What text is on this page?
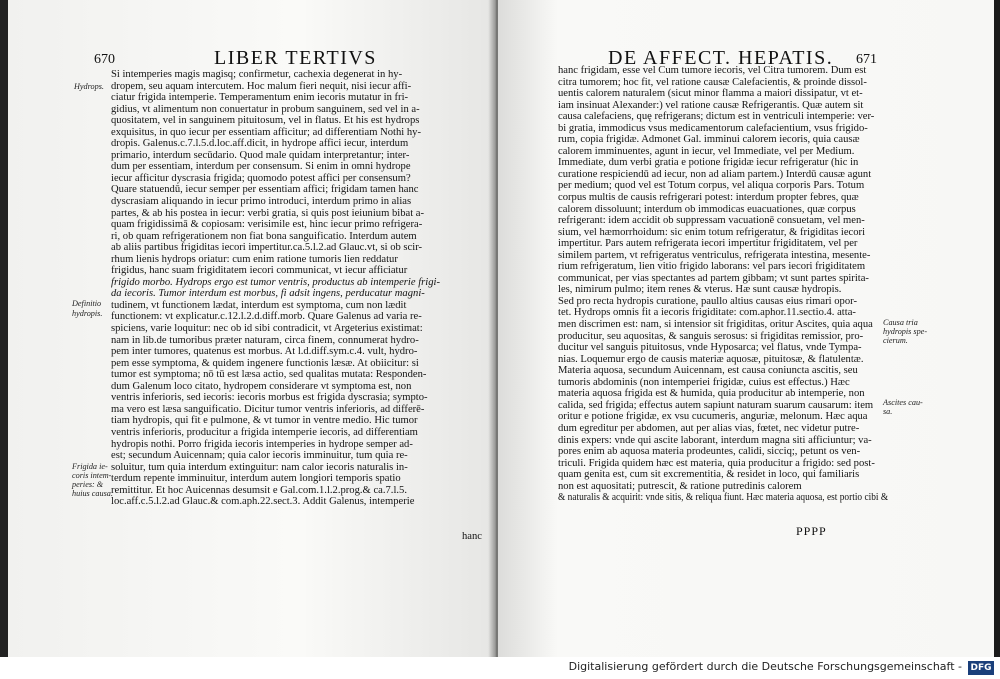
670	LIBER TERTIVS
Hydrops.
Definitio
hydropis.
Frigida ie-
coris intem-
peries: &
huius causa.
Si intemperies magis magisq; confirmetur, cachexia degenerat in hy-
dropem, seu aquam intercutem. Hoc malum fieri nequit, nisi iecur affi-
ciatur frigida intemperie. Temperamentum enim iecoris mutatur in fri-
gidius, vt alimentum non conuertatur in probum sanguinem, sed vel in a-
quositatem, vel in sanguinem pituitosum, vel in flatus. Et his est hydrops
exquisitus, in quo iecur per essentiam afficitur; ad differentiam Nothi hy-
dropis. Galenus.c.7.l.5.d.loc.aff.dicit, in hydrope affici iecur, interdum
primario, interdum secūdario. Quod male quidam interpretantur; inter-
dum per essentiam, interdum per consensum. Si enim in omni hydrope
iecur afficitur dyscrasia frigida; quomodo potest affici per consensum?
Quare statuendū, iecur semper per essentiam affici; frigidam tamen hanc
dyscrasiam aliquando in iecur primo introduci, interdum primo in alias
partes, & ab his postea in iecur: verbi gratia, si quis post ieiunium bibat a-
quam frigidissimā & copiosam: verisimile est, hinc iecur primo refrigera-
ri, ob quam refrigerationem non fiat bona sanguificatio. Interdum autem
ab aliis partibus frigiditas iecori impertitur.ca.5.l.2.ad Glauc.vt, si ob scir-
rhum lienis hydrops oriatur: cum enim ratione tumoris lien reddatur
frigidus, hanc suam frigiditatem iecori communicat, vt iecur afficiatur
frigido morbo. Hydrops ergo est tumor ventris, productus ab intemperie frigi-
da iecoris. Tumor interdum est morbus, fi adsit ingens, perducatur magni-
tudinem, vt functionem lædat, interdum est symptoma, cum non lædit
functionem: vt explicatur.c.12.l.2.d.diff.morb. Quare Galenus ad varia re-
spiciens, varie loquitur: nec ob id sibi contradicit, vt Argeterius existimat:
nam in lib.de tumoribus præter naturam, circa finem, connumerat hydro-
pem inter tumores, quatenus est morbus. At l.d.diff.sym.c.4. vult, hydro-
pem esse symptoma, & quidem ingenere functionis læsæ. At obiicitur: si
tumor est symptoma; nō tū est læsa actio, sed qualitas mutata: Responden-
dum Galenum loco citato, hydropem considerare vt symptoma est, non
ventris inferioris, sed iecoris: iecoris morbus est frigida dyscrasia; sympto-
ma vero est læsa sanguificatio. Dicitur tumor ventris inferioris, ad differē-
tiam hydropis, qui fit e pulmone, & vt tumor in ventre medio. Hic tumor
ventris inferioris, producitur a frigida intemperie iecoris, ad differentiam
hydropis nothi. Porro frigida iecoris intemperies in hydrope semper ad-
est; secundum Auicennam; quia calor iecoris imminuitur, tum quia re-
soluitur, tum quia interdum extinguitur: nam calor iecoris naturalis in-
terdum repente imminuitur, interdum autem longiori temporis spatio
remittitur. Et hoc Auicennas desumsit e Gal.com.1.l.2.prog.& ca.7.l.5.
loc.aff.c.5.l.2.ad Glauc.& com.aph.22.sect.3. Addit Galenus, intemperie
hanc
DE AFFECT. HEPATIS. 671
Causa tria
hydropis spe-
cierum.
Ascites cau-
sa.
hanc frigidam, esse vel Cum tumore iecoris, vel Citra tumorem. Dum est
citra tumorem; hoc fit, vel ratione causæ Calefacientis, & proinde dissol-
uentis calorem naturalem (sicut minor flamma a maiori dissipatur, vt et-
iam insinuat Alexander:) vel ratione causæ Refrigerantis. Quæ autem sit
causa calefaciens, quę refrigerans; dictum est in ventriculi intemperie: ver-
bi gratia, immodicus vsus medicamentorum calefacientium, vsus frigido-
rum, copia frigidæ. Admonet Gal. imminui calorem iecoris, quia causæ
calorem imminuentes, agunt in iecur, vel Immediate, vel per Medium.
Immediate, dum verbi gratia e potione frigidæ iecur refrigeratur (hic in
curatione respiciendū ad iecur, non ad aliam partem.) Interdū causæ agunt
per medium; quod vel est Totum corpus, vel aliqua corporis Pars. Totum
corpus multis de causis refrigerari potest: interdum propter febres, quæ
calorem dissoluunt; interdum ob immodicas euacuationes, quæ corpus
refrigerant: idem accidit ob suppressam vacuationē consuetam, vel men-
sium, vel hæmorrhoidum: sic enim totum refrigeratur, & frigiditas iecori
impertitur. Pars autem refrigerata iecori impertitur frigiditatem, vel per
similem partem, vt refrigeratus ventriculus, refrigerata intestina, mesente-
rium refrigeratum, lien vitio frigido laborans: vel pars iecori frigiditatem
communicat, per vias spectantes ad partem gibbam; vt sunt partes spirita-
les, nimirum pulmo; item renes & vterus. Hæ sunt causæ hydropis.
Sed pro recta hydropis curatione, paullo altius causas eius rimari opor-
tet. Hydrops omnis fit a iecoris frigiditate: com.aphor.11.sectio.4. atta-
men discrimen est: nam, si intensior sit frigiditas, oritur Ascites, quia aqua
producitur, seu aquositas, & sanguis serosus: si frigiditas remissior, pro-
ducitur vel sanguis pituitosus, vnde Hyposarca; vel flatus, vnde Tympa-
nias. Loquemur ergo de causis materiæ aquosæ, pituitosæ, & flatulentæ.
Materia aquosa, secundum Auicennam, est causa coniuncta ascitis, seu
tumoris abdominis (non intemperiei frigidæ, cuius est effectus.) Hæc
materia aquosa frigida est & humida, quia producitur ab intemperie, non
calida, sed frigida; effectus autem sapiunt naturam suarum causarum: item
oritur e potione frigidæ, ex vsu cucumeris, anguriæ, melonum. Hæc aqua
dum egreditur per abdomen, aut per alias vias, fœtet, nec videtur putre-
dinis expers: vnde qui ascite laborant, interdum magna siti afficiuntur; va-
pores enim ab aquosa materia prodeuntes, calidi, sicciq;, petunt os ven-
triculi. Frigida quidem hæc est materia, quia producitur a frigido: sed post-
quam genita est, cum sit excrementitia, & residet in loco, qui familiaris
non est aquositati; putrescit, & ratione putredinis calorem
& naturalis & acquirit: vnde sitis, & reliqua fiunt. Hæc materia aquosa, est portio cibi &
PPPP
Digitalisierung gefördert durch die Deutsche Forschungsgemeinschaft - DFG
